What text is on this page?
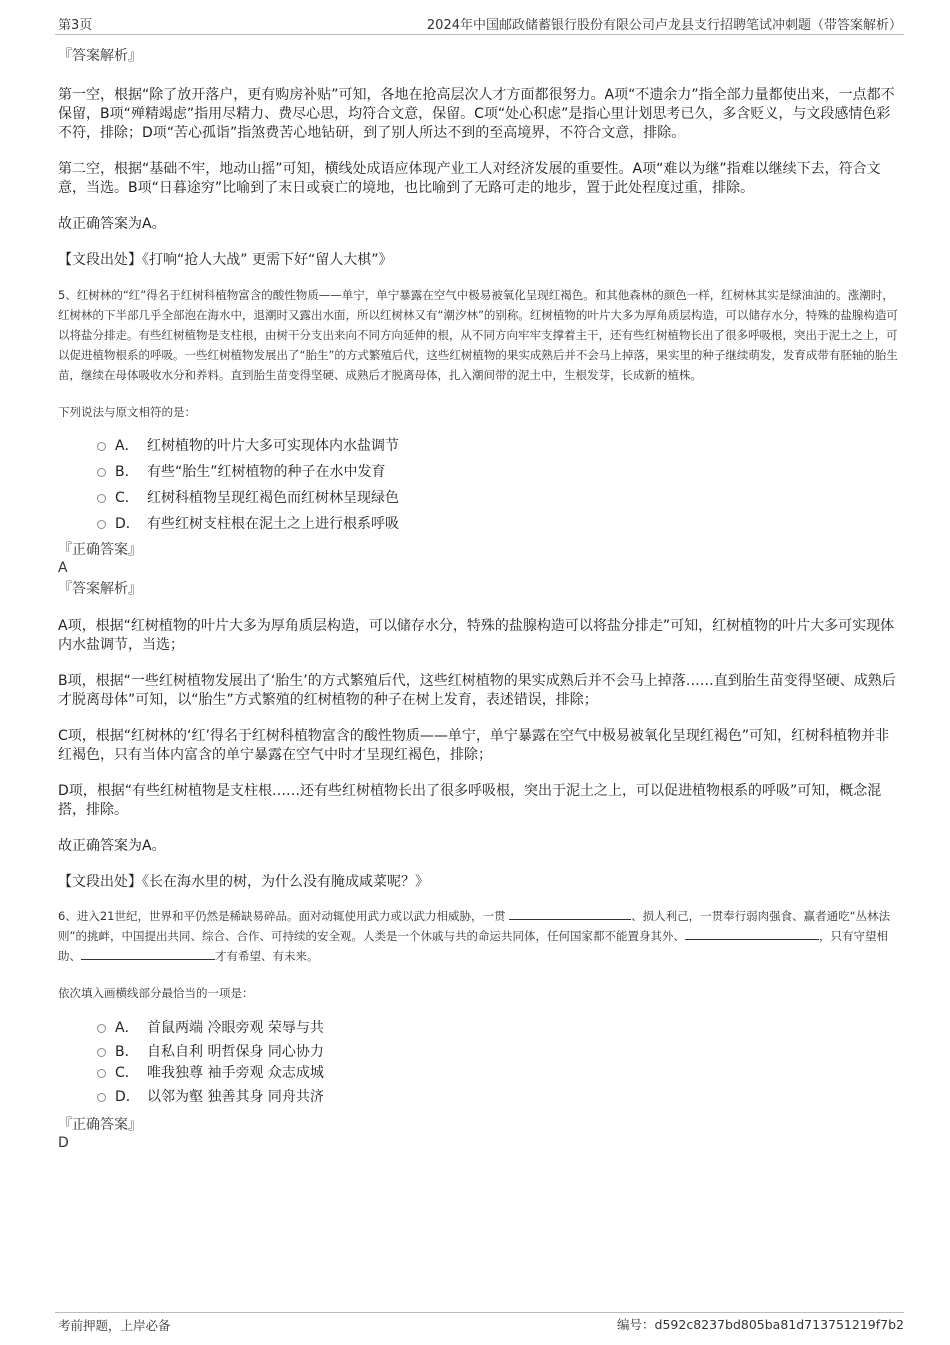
第3页	2024年中国邮政储蓄银行股份有限公司卢龙县支行招聘笔试冲刺题（带答案解析）
『答案解析』

第一空，根据“除了放开落户，更有购房补贴”可知，各地在抢高层次人才方面都很努力。A项“不遗余力”指全部力量都使出来，一点都不保留，B项“殚精竭虑”指用尽精力、费尽心思，均符合文意，保留。C项“处心积虑”是指心里计划思考已久，多含贬义，与文段感情色彩不符，排除；D项“苦心孤诣”指煞费苦心地钻研，到了别人所达不到的至高境界，不符合文意，排除。

第二空，根据“基础不牢，地动山摇”可知，横线处成语应体现产业工人对经济发展的重要性。A项“难以为继”指难以继续下去，符合文意，当选。B项“日暮途穷”比喻到了末日或衰亡的境地，也比喻到了无路可走的地步，置于此处程度过重，排除。

故正确答案为A。

【文段出处】《打响“抢人大战” 更需下好“留人大棋”》
5、红树林的“红”得名于红树科植物富含的酸性物质——单宁，单宁暴露在空气中极易被氧化呈现红褐色。和其他森林的颜色一样，红树林其实是绿油油的。涨潮时，红树林的下半部几乎全部泡在海水中，退潮时又露出水面，所以红树林又有“潮汐林”的别称。红树植物的叶片大多为厚角质层构造，可以储存水分，特殊的盐腺构造可以将盐分排走。有些红树植物是支柱根，由树干分支出来向不同方向延伸的根，从不同方向牢牢支撑着主干，还有些红树植物长出了很多呼吸根，突出于泥土之上，可以促进植物根系的呼吸。一些红树植物发展出了“胎生”的方式繁殖后代，这些红树植物的果实成熟后并不会马上掉落，果实里的种子继续萌发，发育成带有胚轴的胎生苗，继续在母体吸收水分和养料。直到胎生苗变得坚硬、成熟后才脱离母体，扎入潮间带的泥土中，生根发芽，长成新的植株。
下列说法与原文相符的是：
A． 红树植物的叶片大多可实现体内水盐调节
B． 有些“胎生”红树植物的种子在水中发育
C． 红树科植物呈现红褐色而红树林呈现绿色
D． 有些红树支柱根在泥土之上进行根系呼吸
『正确答案』
A
『答案解析』

A项，根据“红树植物的叶片大多为厚角质层构造，可以储存水分，特殊的盐腺构造可以将盐分排走”可知，红树植物的叶片大多可实现体内水盐调节，当选；

B项，根据“一些红树植物发展出了‘胎生’的方式繁殖后代，这些红树植物的果实成熟后并不会马上掉落……直到胎生苗变得坚硬、成熟后才脱离母体”可知，以“胎生”方式繁殖的红树植物的种子在树上发育，表述错误，排除；

C项，根据“红树林的‘红’得名于红树科植物富含的酸性物质——单宁，单宁暴露在空气中极易被氧化呈现红褐色”可知，红树科植物并非红褐色，只有当体内富含的单宁暴露在空气中时才呈现红褐色，排除；

D项，根据“有些红树植物是支柱根……还有些红树植物长出了很多呼吸根，突出于泥土之上，可以促进植物根系的呼吸”可知，概念混搭，排除。

故正确答案为A。

【文段出处】《长在海水里的树，为什么没有腌成咸菜呢？》
6、进入21世纪，世界和平仍然是稀缺易碎品。面对动辄使用武力或以武力相威胁，一贯	、损人利己，一贯奉行弱肉强食、赢者通吃“丛林法则”的挑衅，中国提出共同、综合、合作、可持续的安全观。人类是一个休戚与共的命运共同体，任何国家都不能置身其外、	，只有守望相助、	才有希望、有未来。
依次填入画横线部分最恰当的一项是：
A． 首鼠两端 冷眼旁观 荣辱与共
B． 自私自利 明哲保身 同心协力
C． 唯我独尊 袖手旁观 众志成城
D． 以邻为壑 独善其身 同舟共济
『正确答案』
D
考前押题，上岸必备	编号：d592c8237bd805ba81d713751219f7b2
